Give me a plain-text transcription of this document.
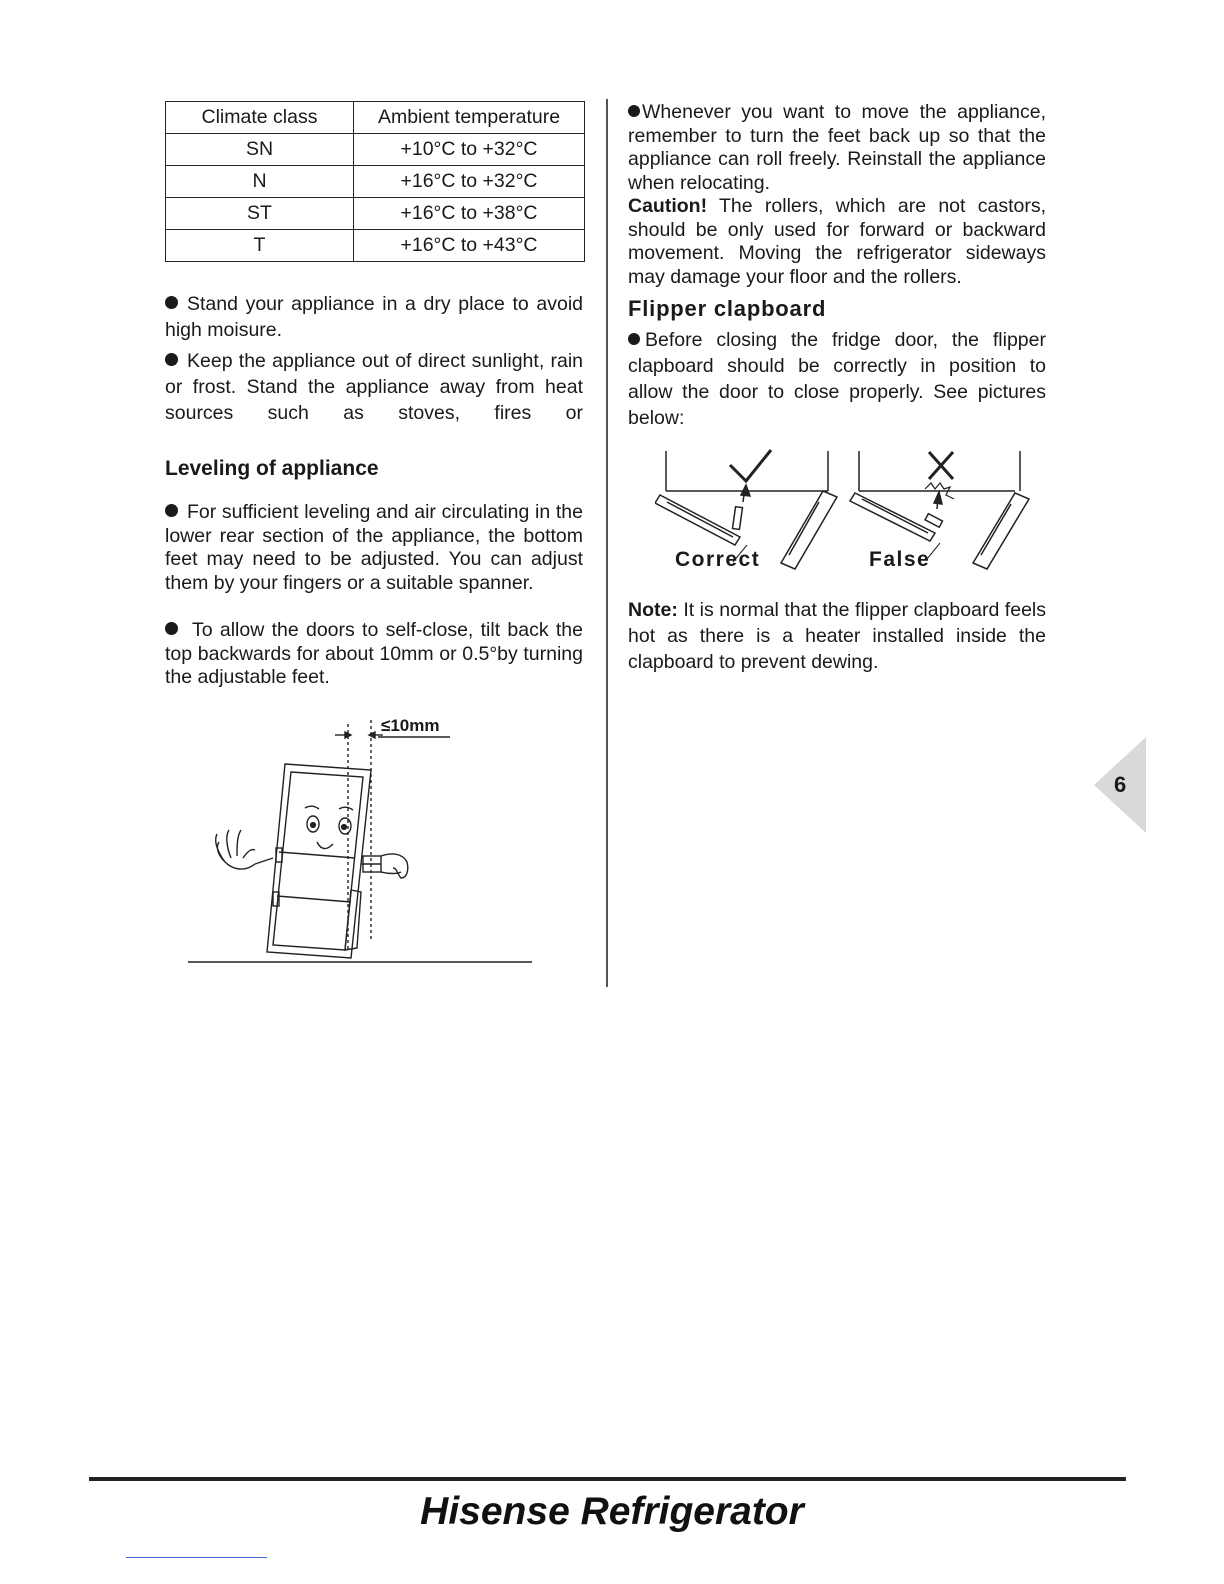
Climate class	Ambient temperature
SN	+10°C to +32°C
N	+16°C to +32°C
ST	+16°C to +38°C
T	+16°C to +43°C

Stand your appliance in a dry place to avoid high moisure.

Keep the appliance out of direct sunlight, rain or frost. Stand the appliance away from heat sources such as stoves, fires or

Leveling of appliance

For sufficient leveling and air circulating in the lower rear section of the appliance, the bottom feet may need to be adjusted. You can adjust them by your fingers or a suitable spanner.

To allow the doors to self-close, tilt back the top backwards for about 10mm or 0.5°by turning the adjustable feet.

≤10mm

Whenever you want to move the appliance, remember to turn the feet back up so that the appliance can roll freely. Reinstall the appliance when relocating.

Caution! The rollers, which are not castors, should be only used for forward or backward movement. Moving the refrigerator sideways may damage your floor and the rollers.

Flipper clapboard

Before closing the fridge door, the flipper clapboard should be correctly in position to allow the door to close properly. See pictures below:

Correct	False

Note: It is normal that the flipper clapboard feels hot as there is a heater installed inside the clapboard to prevent dewing.

6
Hisense Refrigerator
